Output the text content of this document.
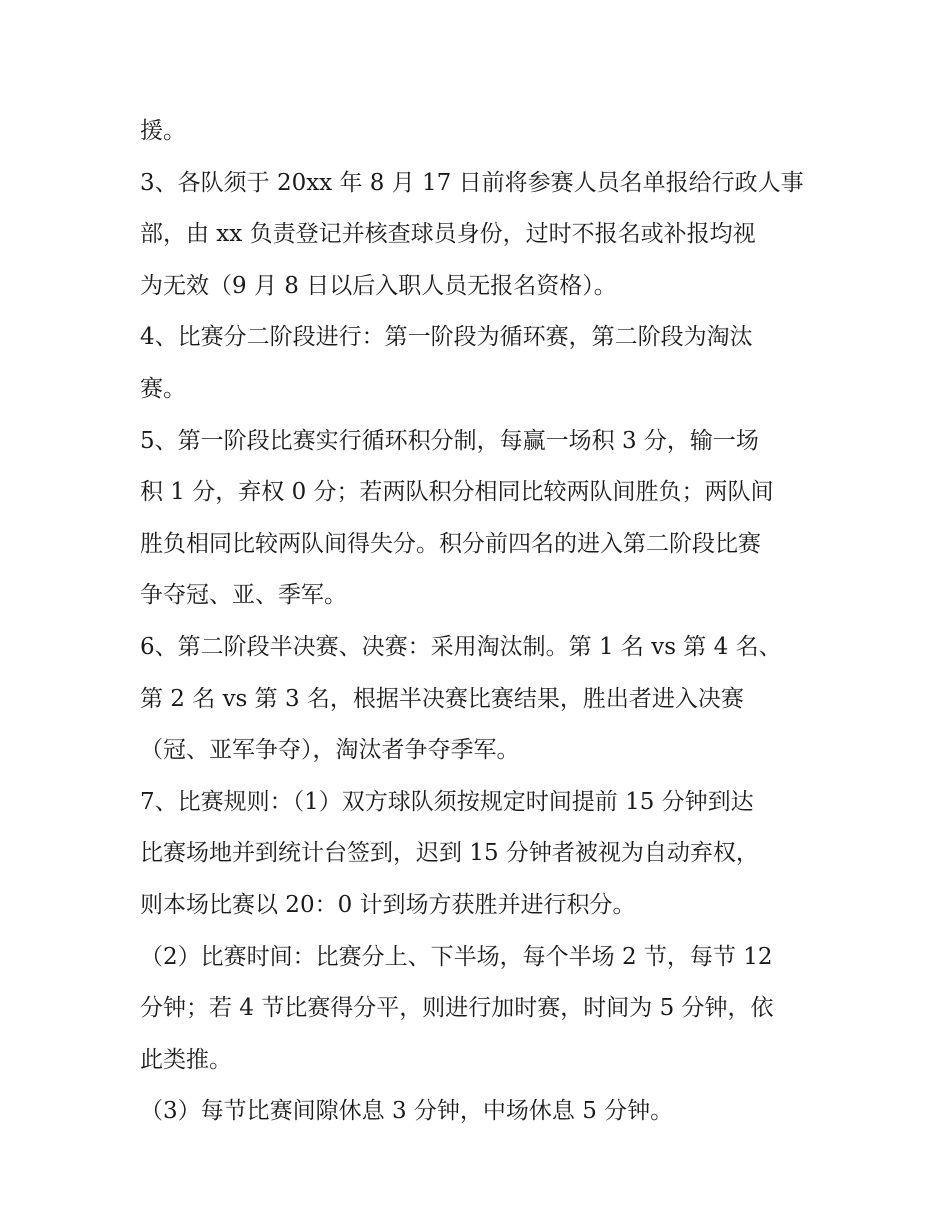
援。
3、各队须于 20xx 年 8 月 17 日前将参赛人员名单报给行政人事
部，由 xx 负责登记并核查球员身份，过时不报名或补报均视
为无效（9 月 8 日以后入职人员无报名资格）。
4、比赛分二阶段进行：第一阶段为循环赛，第二阶段为淘汰
赛。
5、第一阶段比赛实行循环积分制，每赢一场积 3 分，输一场
积 1 分，弃权 0 分；若两队积分相同比较两队间胜负；两队间
胜负相同比较两队间得失分。积分前四名的进入第二阶段比赛
争夺冠、亚、季军。
6、第二阶段半决赛、决赛：采用淘汰制。第 1 名 vs 第 4 名、
第 2 名 vs 第 3 名，根据半决赛比赛结果，胜出者进入决赛
（冠、亚军争夺），淘汰者争夺季军。
7、比赛规则：（1）双方球队须按规定时间提前 15 分钟到达
比赛场地并到统计台签到，迟到 15 分钟者被视为自动弃权，
则本场比赛以 20：0 计到场方获胜并进行积分。
（2）比赛时间：比赛分上、下半场，每个半场 2 节，每节 12
分钟；若 4 节比赛得分平，则进行加时赛，时间为 5 分钟，依
此类推。
（3）每节比赛间隙休息 3 分钟，中场休息 5 分钟。
